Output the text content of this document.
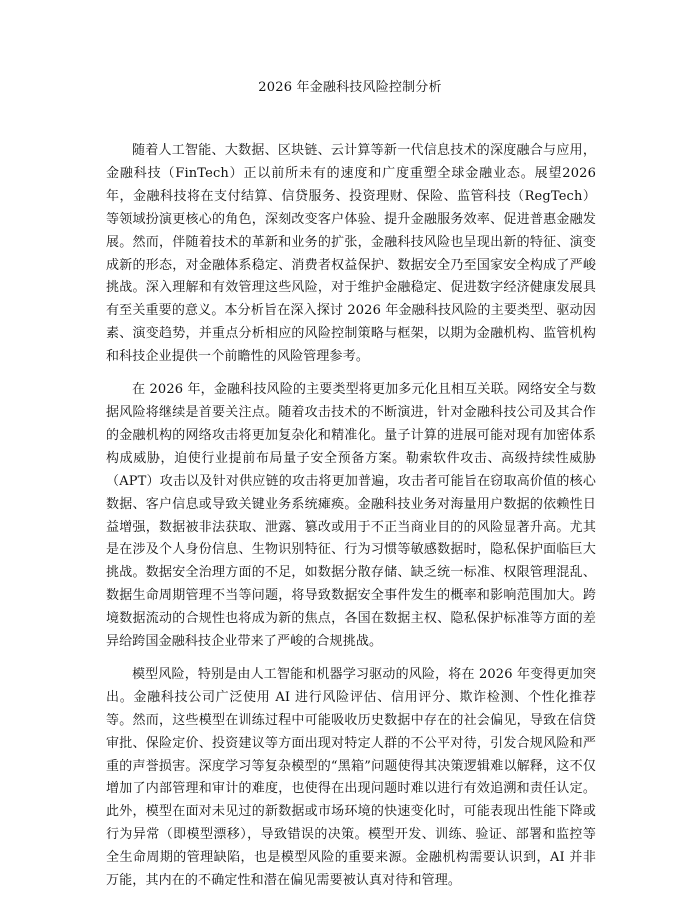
2026 年金融科技风险控制分析

随着人工智能、大数据、区块链、云计算等新一代信息技术的深度融合与应用，金融科技（FinTech）正以前所未有的速度和广度重塑全球金融业态。展望2026年，金融科技将在支付结算、信贷服务、投资理财、保险、监管科技（RegTech）等领域扮演更核心的角色，深刻改变客户体验、提升金融服务效率、促进普惠金融发展。然而，伴随着技术的革新和业务的扩张，金融科技风险也呈现出新的特征、演变成新的形态，对金融体系稳定、消费者权益保护、数据安全乃至国家安全构成了严峻挑战。深入理解和有效管理这些风险，对于维护金融稳定、促进数字经济健康发展具有至关重要的意义。本分析旨在深入探讨 2026 年金融科技风险的主要类型、驱动因素、演变趋势，并重点分析相应的风险控制策略与框架，以期为金融机构、监管机构和科技企业提供一个前瞻性的风险管理参考。

在 2026 年，金融科技风险的主要类型将更加多元化且相互关联。网络安全与数据风险将继续是首要关注点。随着攻击技术的不断演进，针对金融科技公司及其合作的金融机构的网络攻击将更加复杂化和精准化。量子计算的进展可能对现有加密体系构成威胁，迫使行业提前布局量子安全预备方案。勒索软件攻击、高级持续性威胁（APT）攻击以及针对供应链的攻击将更加普遍，攻击者可能旨在窃取高价值的核心数据、客户信息或导致关键业务系统瘫痪。金融科技业务对海量用户数据的依赖性日益增强，数据被非法获取、泄露、篡改或用于不正当商业目的的风险显著升高。尤其是在涉及个人身份信息、生物识别特征、行为习惯等敏感数据时，隐私保护面临巨大挑战。数据安全治理方面的不足，如数据分散存储、缺乏统一标准、权限管理混乱、数据生命周期管理不当等问题，将导致数据安全事件发生的概率和影响范围加大。跨境数据流动的合规性也将成为新的焦点，各国在数据主权、隐私保护标准等方面的差异给跨国金融科技企业带来了严峻的合规挑战。

模型风险，特别是由人工智能和机器学习驱动的风险，将在 2026 年变得更加突出。金融科技公司广泛使用 AI 进行风险评估、信用评分、欺诈检测、个性化推荐等。然而，这些模型在训练过程中可能吸收历史数据中存在的社会偏见，导致在信贷审批、保险定价、投资建议等方面出现对特定人群的不公平对待，引发合规风险和严重的声誉损害。深度学习等复杂模型的“黑箱”问题使得其决策逻辑难以解释，这不仅增加了内部管理和审计的难度，也使得在出现问题时难以进行有效追溯和责任认定。此外，模型在面对未见过的新数据或市场环境的快速变化时，可能表现出性能下降或行为异常（即模型漂移），导致错误的决策。模型开发、训练、验证、部署和监控等全生命周期的管理缺陷，也是模型风险的重要来源。金融机构需要认识到，AI 并非万能，其内在的不确定性和潜在偏见需要被认真对待和管理。
